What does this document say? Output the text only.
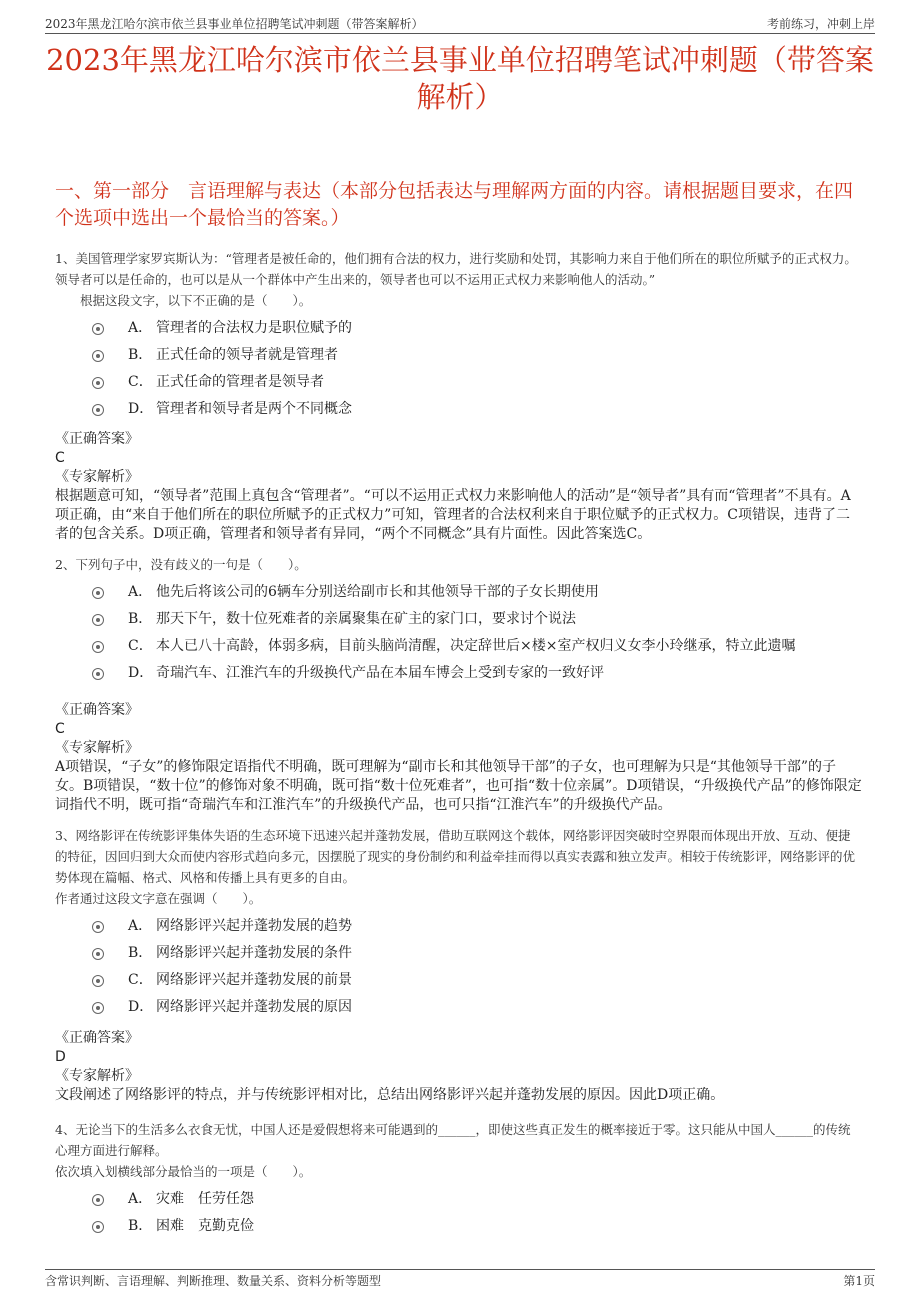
2023年黑龙江哈尔滨市依兰县事业单位招聘笔试冲刺题（带答案解析）	考前练习，冲刺上岸
2023年黑龙江哈尔滨市依兰县事业单位招聘笔试冲刺题（带答案解析）
一、第一部分　言语理解与表达（本部分包括表达与理解两方面的内容。请根据题目要求，在四个选项中选出一个最恰当的答案。）
1、美国管理学家罗宾斯认为：“管理者是被任命的，他们拥有合法的权力，进行奖励和处罚，其影响力来自于他们所在的职位所赋予的正式权力。领导者可以是任命的，也可以是从一个群体中产生出来的，领导者也可以不运用正式权力来影响他人的活动。”
　　根据这段文字，以下不正确的是（　　）。
A． 管理者的合法权力是职位赋予的
B． 正式任命的领导者就是管理者
C． 正式任命的管理者是领导者
D． 管理者和领导者是两个不同概念
《正确答案》
C
《专家解析》
根据题意可知，“领导者”范围上真包含“管理者”。“可以不运用正式权力来影响他人的活动”是“领导者”具有而“管理者”不具有。A项正确，由“来自于他们所在的职位所赋予的正式权力”可知，管理者的合法权利来自于职位赋予的正式权力。C项错误，违背了二者的包含关系。D项正确，管理者和领导者有异同，“两个不同概念”具有片面性。因此答案选C。
2、下列句子中，没有歧义的一句是（　　）。
A． 他先后将该公司的6辆车分别送给副市长和其他领导干部的子女长期使用
B． 那天下午，数十位死难者的亲属聚集在矿主的家门口，要求讨个说法
C． 本人已八十高龄，体弱多病，目前头脑尚清醒，决定辞世后×楼×室产权归义女李小玲继承，特立此遗嘱
D． 奇瑞汽车、江淮汽车的升级换代产品在本届车博会上受到专家的一致好评
《正确答案》
C
《专家解析》
A项错误，“子女”的修饰限定语指代不明确，既可理解为“副市长和其他领导干部”的子女，也可理解为只是“其他领导干部”的子女。B项错误，“数十位”的修饰对象不明确，既可指“数十位死难者”，也可指“数十位亲属”。D项错误，“升级换代产品”的修饰限定词指代不明，既可指“奇瑞汽车和江淮汽车”的升级换代产品，也可只指“江淮汽车”的升级换代产品。
3、网络影评在传统影评集体失语的生态环境下迅速兴起并蓬勃发展，借助互联网这个载体，网络影评因突破时空界限而体现出开放、互动、便捷的特征，因回归到大众而使内容形式趋向多元，因摆脱了现实的身份制约和利益牵挂而得以真实表露和独立发声。相较于传统影评，网络影评的优势体现在篇幅、格式、风格和传播上具有更多的自由。
作者通过这段文字意在强调（　　）。
A． 网络影评兴起并蓬勃发展的趋势
B． 网络影评兴起并蓬勃发展的条件
C． 网络影评兴起并蓬勃发展的前景
D． 网络影评兴起并蓬勃发展的原因
《正确答案》
D
《专家解析》
文段阐述了网络影评的特点，并与传统影评相对比，总结出网络影评兴起并蓬勃发展的原因。因此D项正确。
4、无论当下的生活多么衣食无忧，中国人还是爱假想将来可能遇到的______，即使这些真正发生的概率接近于零。这只能从中国人______的传统心理方面进行解释。
依次填入划横线部分最恰当的一项是（　　）。
A． 灾难　任劳任怨
B． 困难　克勤克俭
含常识判断、言语理解、判断推理、数量关系、资料分析等题型	第1页
